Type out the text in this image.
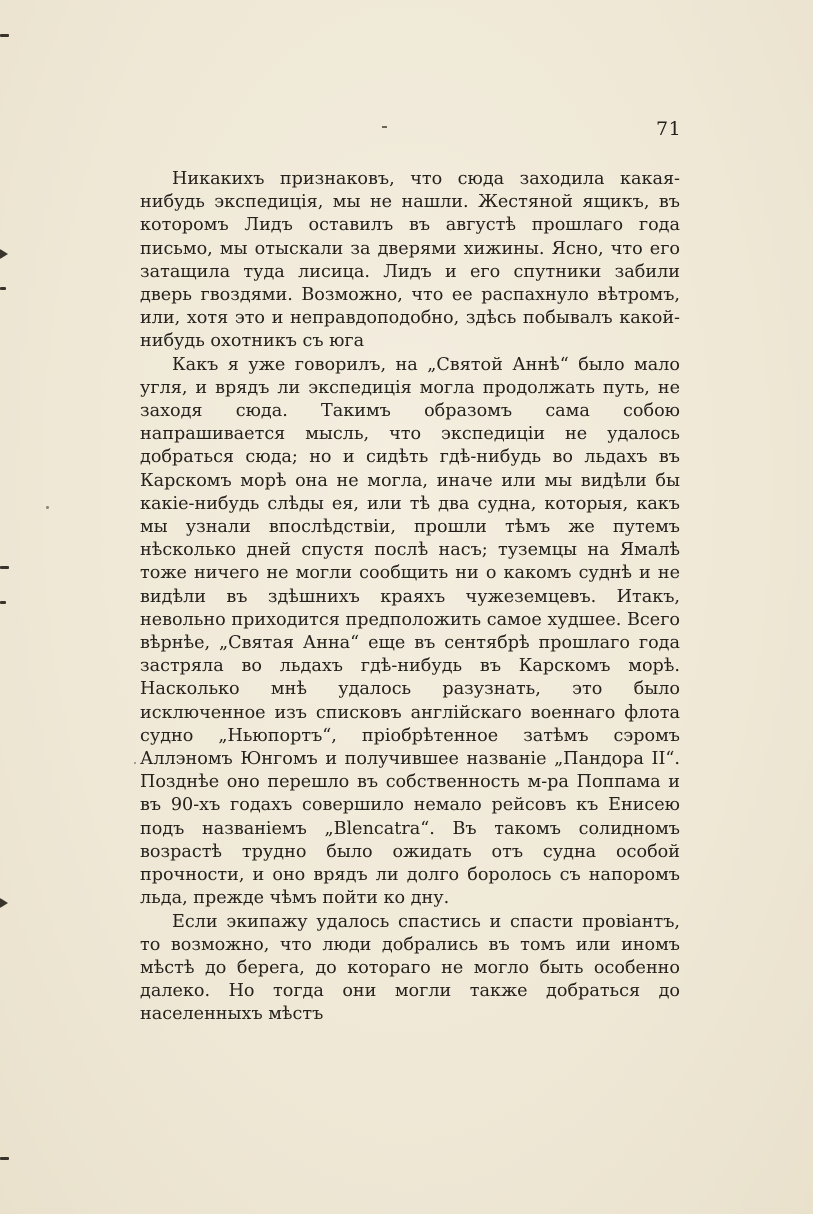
71

Никакихъ признаковъ, что сюда заходила какая-нибудь экспедиція, мы не нашли. Жестяной ящикъ, въ которомъ Лидъ оставилъ въ августѣ прошлаго года письмо, мы отыскали за дверями хижины. Ясно, что его затащила туда лисица. Лидъ и его спутники забили дверь гвоздями. Возможно, что ее распахнуло вѣтромъ, или, хотя это и неправдоподобно, здѣсь побывалъ какой-нибудь охотникъ съ юга

Какъ я уже говорилъ, на „Святой Аннѣ“ было мало угля, и врядъ ли экспедиція могла продолжать путь, не заходя сюда. Такимъ образомъ сама собою напрашивается мысль, что экспедиціи не удалось добраться сюда; но и сидѣть гдѣ-нибудь во льдахъ въ Карскомъ морѣ она не могла, иначе или мы видѣли бы какіе-нибудь слѣды ея, или тѣ два судна, которыя, какъ мы узнали впослѣдствіи, прошли тѣмъ же путемъ нѣсколько дней спустя послѣ насъ; туземцы на Ямалѣ тоже ничего не могли сообщить ни о какомъ суднѣ и не видѣли въ здѣшнихъ краяхъ чужеземцевъ. Итакъ, невольно приходится предположить самое худшее. Всего вѣрнѣе, „Святая Анна“ еще въ сентябрѣ прошлаго года застряла во льдахъ гдѣ-нибудь въ Карскомъ морѣ. Насколько мнѣ удалось разузнать, это было исключенное изъ списковъ англійскаго военнаго флота судно „Ньюпортъ“, пріобрѣтенное затѣмъ сэромъ Аллэномъ Юнгомъ и получившее названіе „Пандора II“. Позднѣе оно перешло въ собственность м-ра Поппама и въ 90-хъ годахъ совершило немало рейсовъ къ Енисею подъ названіемъ „Blencatra“. Въ такомъ солидномъ возрастѣ трудно было ожидать отъ судна особой прочности, и оно врядъ ли долго боролось съ напоромъ льда, прежде чѣмъ пойти ко дну.

Если экипажу удалось спастись и спасти провіантъ, то возможно, что люди добрались въ томъ или иномъ мѣстѣ до берега, до котораго не могло быть особенно далеко. Но тогда они могли также добраться до населенныхъ мѣстъ
